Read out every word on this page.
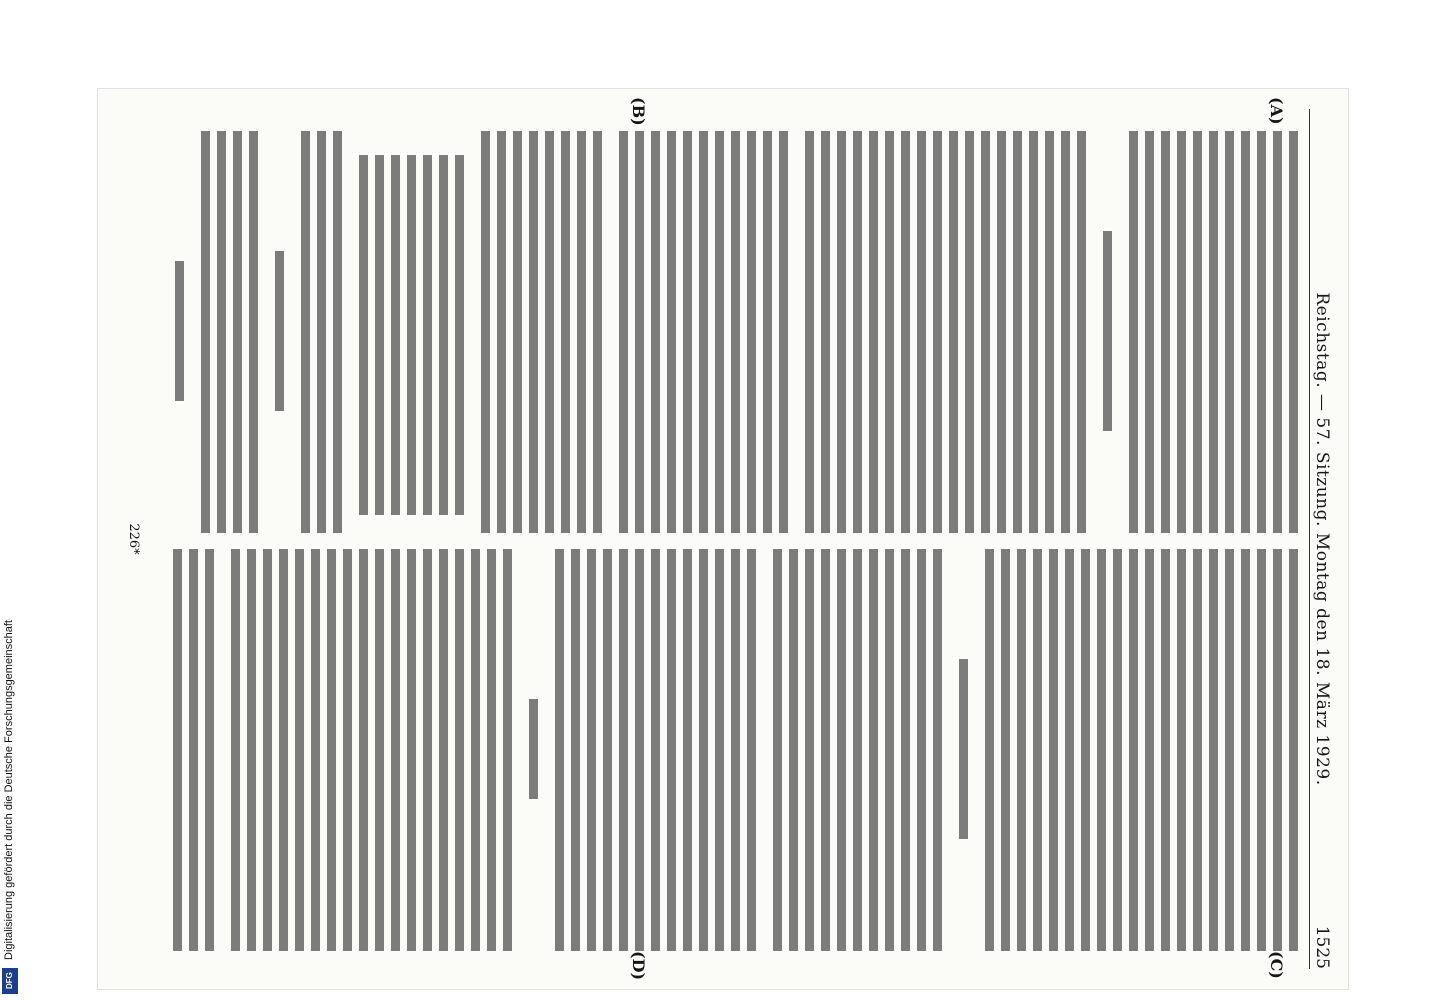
Digitalisierung gefördert durch die Deutsche Forschungsgemeinschaft
DFG
Reichstag. — 57. Sitzung. Montag den 18. März 1929.
1525
(A)
(B)
(C)
(D)
226*
